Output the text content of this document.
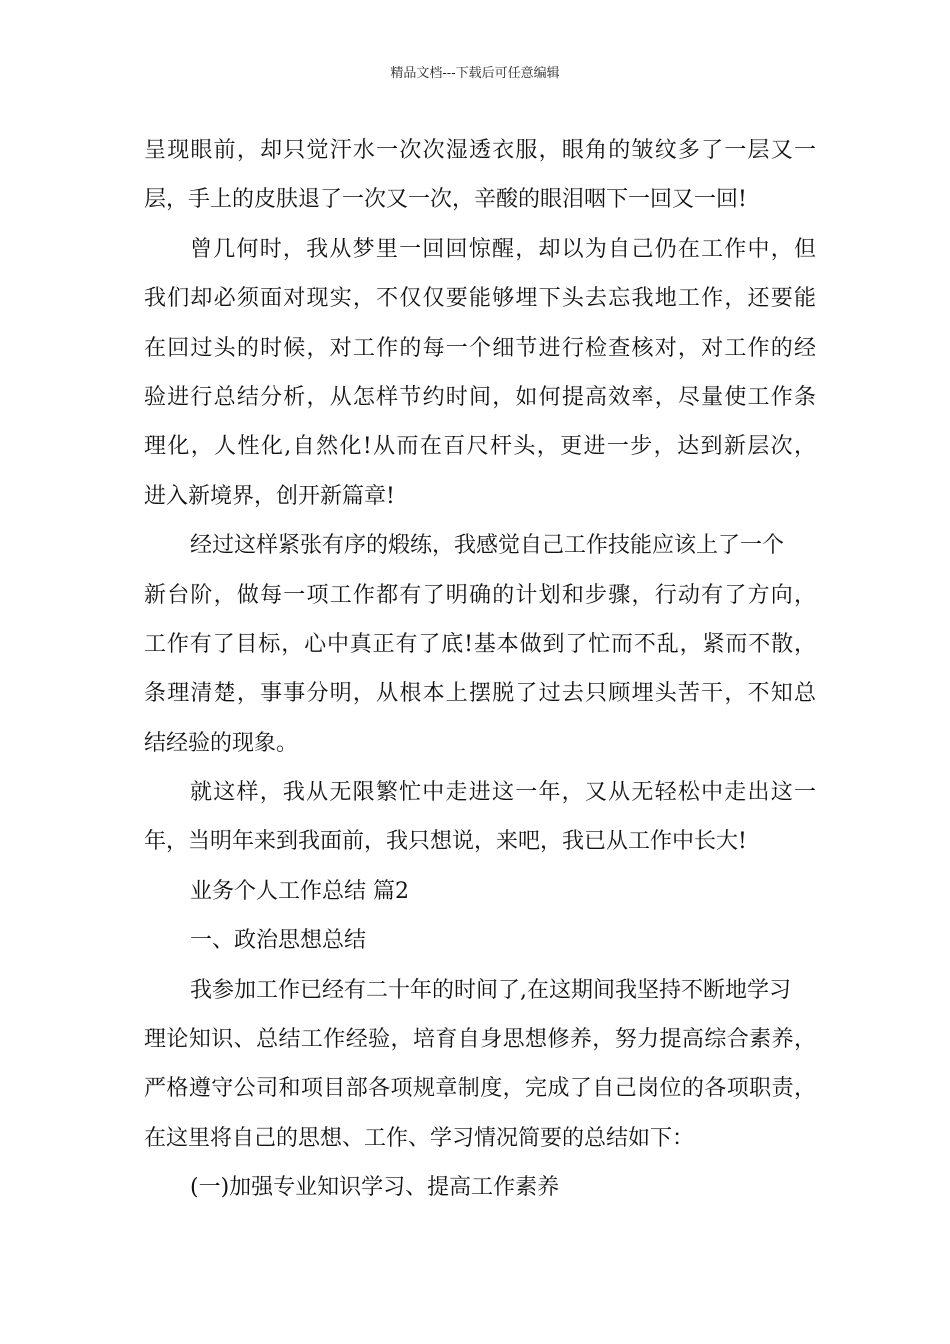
精品文档---下载后可任意编辑
呈现眼前，却只觉汗水一次次湿透衣服，眼角的皱纹多了一层又一
层，手上的皮肤退了一次又一次，辛酸的眼泪咽下一回又一回!
曾几何时，我从梦里一回回惊醒，却以为自己仍在工作中，但
我们却必须面对现实，不仅仅要能够埋下头去忘我地工作，还要能
在回过头的时候，对工作的每一个细节进行检查核对，对工作的经
验进行总结分析，从怎样节约时间，如何提高效率，尽量使工作条
理化，人性化,自然化!从而在百尺杆头，更进一步，达到新层次，
进入新境界，创开新篇章!
经过这样紧张有序的煅练，我感觉自己工作技能应该上了一个
新台阶，做每一项工作都有了明确的计划和步骤，行动有了方向，
工作有了目标，心中真正有了底!基本做到了忙而不乱，紧而不散，
条理清楚，事事分明，从根本上摆脱了过去只顾埋头苦干，不知总
结经验的现象。
就这样，我从无限繁忙中走进这一年，又从无轻松中走出这一
年，当明年来到我面前，我只想说，来吧，我已从工作中长大!
业务个人工作总结 篇2
一、政治思想总结
我参加工作已经有二十年的时间了,在这期间我坚持不断地学习
理论知识、总结工作经验，培育自身思想修养，努力提高综合素养，
严格遵守公司和项目部各项规章制度，完成了自己岗位的各项职责，
在这里将自己的思想、工作、学习情况简要的总结如下：
(一)加强专业知识学习、提高工作素养
